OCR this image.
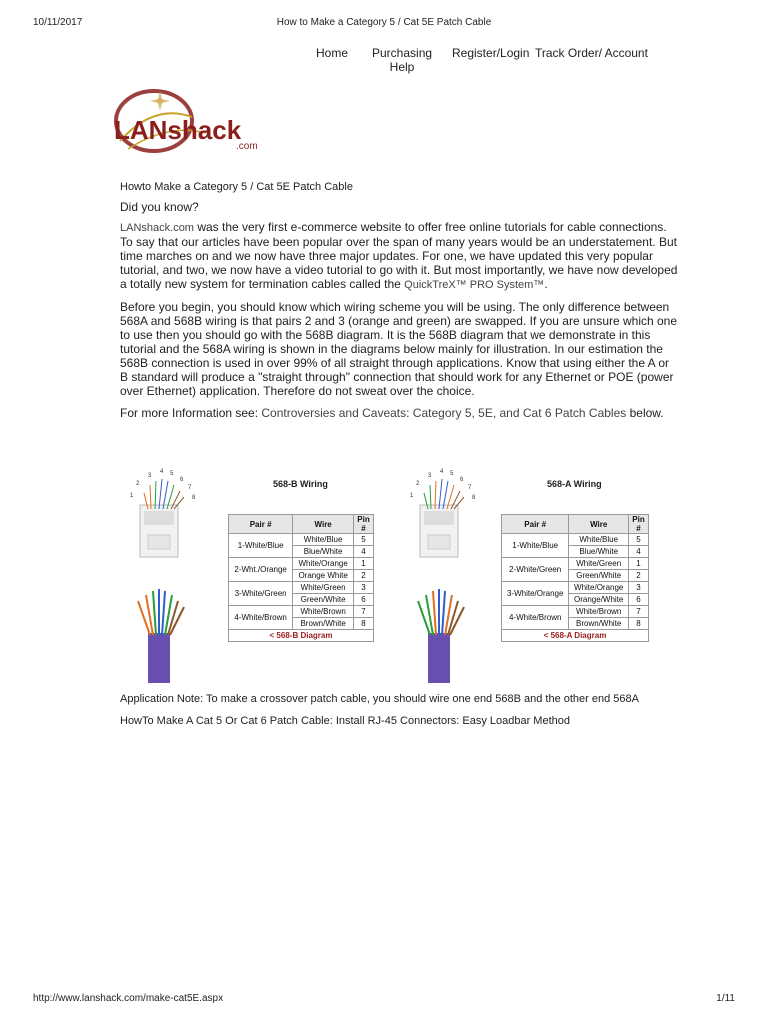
10/11/2017	How to Make a Category 5 / Cat 5E Patch Cable
Home Purchasing
Help
Register/Login Track Order/ Account
LANshack
.com
Howto Make a Category 5 / Cat 5E Patch Cable
Did you know?

LANshack.com was the very first e-commerce website to offer free online tutorials for cable connections. To say that our articles have been popular over the span of many years would be an understatement. But time marches on and we now have three major updates. For one, we have updated this very popular tutorial, and two, we now have a video tutorial to go with it. But most importantly, we have now developed a totally new system for termination cables called the QuickTreX™ PRO System™.

Before you begin, you should know which wiring scheme you will be using. The only difference between 568A and 568B wiring is that pairs 2 and 3 (orange and green) are swapped. If you are unsure which one to use then you should go with the 568B diagram. It is the 568B diagram that we demonstrate in this tutorial and the 568A wiring is shown in the diagrams below mainly for illustration. In our estimation the 568B connection is used in over 99% of all straight through applications. Know that using either the A or B standard will produce a "straight through" connection that should work for any Ethernet or POE (power over Ethernet) application. Therefore do not sweat over the choice.

For more Information see: Controversies and Caveats: Category 5, 5E, and Cat 6 Patch Cables below.

1
2
3
4 5
6
7
8
568-B Wiring
Pair #	Wire	Pin #
1-White/Blue	White/Blue	5
	Blue/White	4
2-Wht./Orange	White/Orange	1
	Orange White	2
3-White/Green	White/Green	3
	Green/White	6
4-White/Brown	White/Brown	7
	Brown/White	8
< 568-B Diagram		
1
2
3
4 5
6
7
8
568-A Wiring
Pair #	Wire	Pin #
1-White/Blue	White/Blue	5
	Blue/White	4
2-White/Green	White/Green	1
	Green/White	2
3-White/Orange	White/Orange	3
	Orange/White	6
4-White/Brown	White/Brown	7
	Brown/White	8
< 568-A Diagram		
Application Note: To make a crossover patch cable, you should wire one end 568B and the other end 568A
HowTo Make A Cat 5 Or Cat 6 Patch Cable: Install RJ-45 Connectors: Easy Loadbar Method
http://www.lanshack.com/make-cat5E.aspx	1/11
